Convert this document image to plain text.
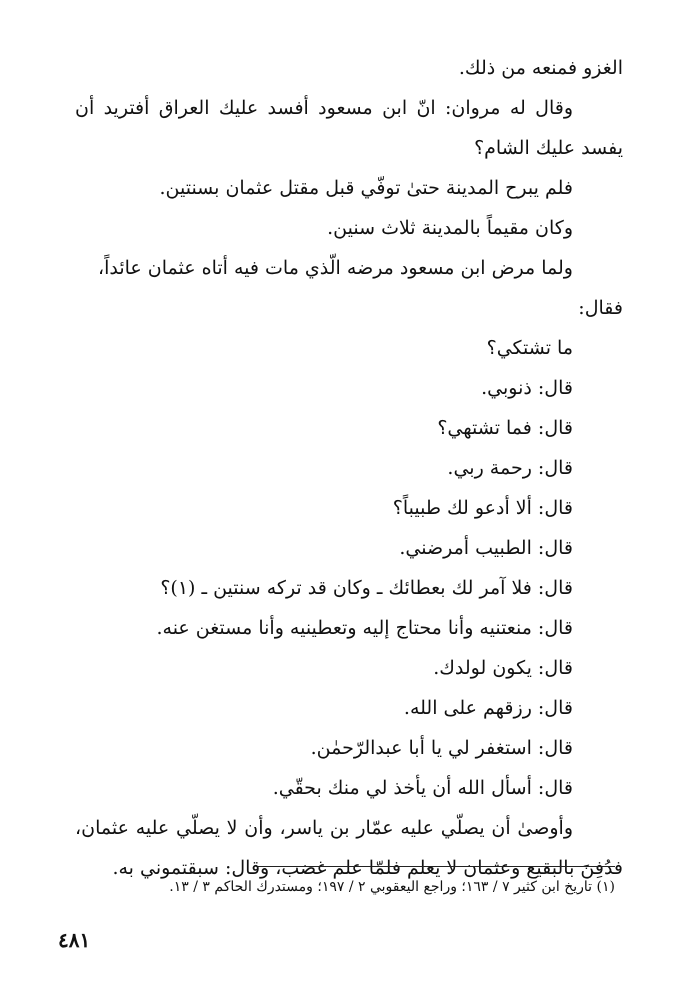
الغزو فمنعه من ذلك.

وقال له مروان: انّ ابن مسعود أفسد عليك العراق أفتريد أن يفسد عليك الشام؟

فلم يبرح المدينة حتىٰ توفّي قبل مقتل عثمان بسنتين.

وكان مقيماً بالمدينة ثلاث سنين.

ولما مرض ابن مسعود مرضه الّذي مات فيه أتاه عثمان عائداً، فقال:

ما تشتكي؟

قال: ذنوبي.

قال: فما تشتهي؟

قال: رحمة ربي.

قال: ألا أدعو لك طبيباً؟

قال: الطبيب أمرضني.

قال: فلا آمر لك بعطائك ـ وكان قد تركه سنتين ـ (١)؟

قال: منعتنيه وأنا محتاج إليه وتعطينيه وأنا مستغن عنه.

قال: يكون لولدك.

قال: رزقهم على الله.

قال: استغفر لي يا أبا عبدالرّحمٰن.

قال: أسأل الله أن يأخذ لي منك بحقّي.

وأوصىٰ أن يصلّي عليه عمّار بن ياسر، وأن لا يصلّي عليه عثمان، فدُفِنَ بالبقيع وعثمان لا يعلم فلمّا علم غضب، وقال: سبقتموني به.

(١) تاريخ ابن كثير ٧ / ١٦٣؛ وراجع اليعقوبي ٢ / ١٩٧؛ ومستدرك الحاكم ٣ / ١٣.
٤٨١
